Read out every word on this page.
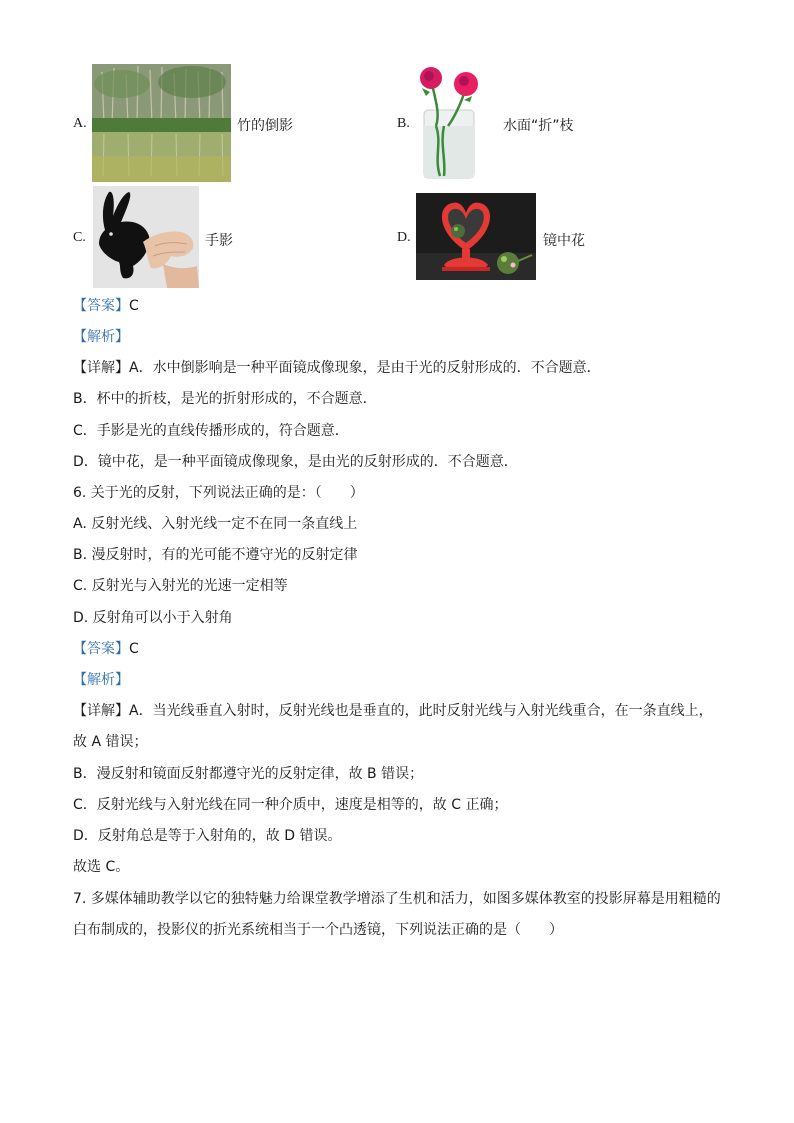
A.	竹的倒影	B.	水面“折”枝
C.	手影	D.	镜中花
【答案】C
【解析】
【详解】A．水中倒影响是一种平面镜成像现象，是由于光的反射形成的．不合题意．
B．杯中的折枝，是光的折射形成的，不合题意．
C．手影是光的直线传播形成的，符合题意．
D．镜中花，是一种平面镜成像现象，是由光的反射形成的．不合题意．
6. 关于光的反射，下列说法正确的是：（　　）
A. 反射光线、入射光线一定不在同一条直线上
B. 漫反射时，有的光可能不遵守光的反射定律
C. 反射光与入射光的光速一定相等
D. 反射角可以小于入射角
【答案】C
【解析】
【详解】A．当光线垂直入射时，反射光线也是垂直的，此时反射光线与入射光线重合，在一条直线上，
故 A 错误；
B．漫反射和镜面反射都遵守光的反射定律，故 B 错误；
C．反射光线与入射光线在同一种介质中，速度是相等的，故 C 正确；
D．反射角总是等于入射角的，故 D 错误。
故选 C。
7. 多媒体辅助教学以它的独特魅力给课堂教学增添了生机和活力，如图多媒体教室的投影屏幕是用粗糙的
白布制成的，投影仪的折光系统相当于一个凸透镜，下列说法正确的是（　　）
